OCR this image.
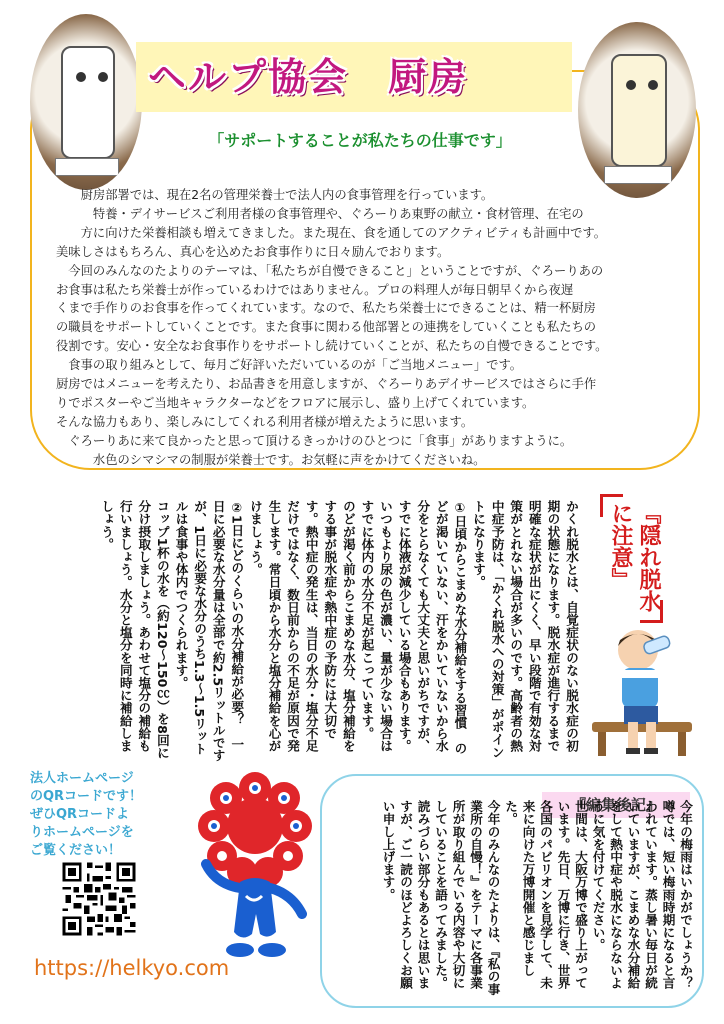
ヘルプ協会　厨房
「サポートすることが私たちの仕事です」

　　厨房部署では、現在2名の管理栄養士で法人内の食事管理を行っています。

　　　特養・デイサービスご利用者様の食事管理や、ぐろーりあ東野の献立・食材管理、在宅の

　　方に向けた栄養相談も増えてきました。また現在、食を通してのアクティビティも計画中です。

美味しさはもちろん、真心を込めたお食事作りに日々励んでおります。

　今回のみんなのたよりのテーマは、「私たちが自慢できること」ということですが、ぐろーりあの

お食事は私たち栄養士が作っているわけではありません。プロの料理人が毎日朝早くから夜遅

くまで手作りのお食事を作ってくれています。なので、私たち栄養士にできることは、精一杯厨房

の職員をサポートしていくことです。また食事に関わる他部署との連携をしていくことも私たちの

役割です。安心・安全なお食事作りをサポートし続けていくことが、私たちの自慢できることです。

　食事の取り組みとして、毎月ご好評いただいているのが「ご当地メニュー」です。

厨房ではメニューを考えたり、お品書きを用意しますが、ぐろーりあデイサービスではさらに手作

りでポスターやご当地キャラクターなどをフロアに展示し、盛り上げてくれています。

そんな協力もあり、楽しみにしてくれる利用者様が増えたように思います。

　ぐろーりあに来て良かったと思って頂けるきっかけのひとつに「食事」がありますように。

　　　水色のシマシマの制服が栄養士です。お気軽に声をかけてくださいね。

『隠れ脱水に注意』

かくれ脱水とは、自覚症状のない脱水症の初期の状態になります。脱水症が進行するまで明確な症状が出にくく、早い段階で有効な対策がとれない場合が多いのです。高齢者の熱中症予防は、「かくれ脱水への対策」がポイントになります。

①日頃からこまめな水分補給をする習慣　のどが渇いていない、汗をかいていないから水分をとらなくても大丈夫と思いがちですが、すでに体液が減少している場合もあります。いつもより尿の色が濃い、量が少ない場合はすでに体内の水分不足が起こっています。

のどが渇く前からこまめな水分、塩分補給をする事が脱水症や熱中症の予防には大切です。熱中症の発生は、当日の水分・塩分不足だけではなく、数日前からの不足が原因で発生します。常日頃から水分と塩分補給を心がけましょう。

②1日にどのくらいの水分補給が必要？　一日に必要な水分量は全部で約2.5リットルですが、1日に必要な水分のうち1.3〜1.5リットルは食事や体内でつくられます。

コップ1杯の水を（約120〜150㏄）を8回に分け摂取しましょう。あわせて塩分の補給も行いましょう。水分と塩分を同時に補給しましょう。

法人ホームページ

のQRコードです！

ぜひQRコードよ

りホームページを

ご覧ください！

https://helkyo.com
『編集後記』	今年の梅雨はいかがでしょうか？噂では、短い梅雨時期になると言われています。蒸し暑い毎日が続いていますが、こまめな水分補給をして熱中症や脱水にならないように気を付けてください。

世間は、大阪万博で盛り上がっています。先日、万博に行き、世界各国のパビリオンを見学して、未来に向けた万博開催と感じました。

今年のみんなのたよりは、『私の事業所の自慢！』をテーマに各事業所が取り組んでいる内容や大切にしていることを語ってみました。

読みづらい部分もあるとは思いますが、ご一読のほどよろしくお願い申し上げます。
